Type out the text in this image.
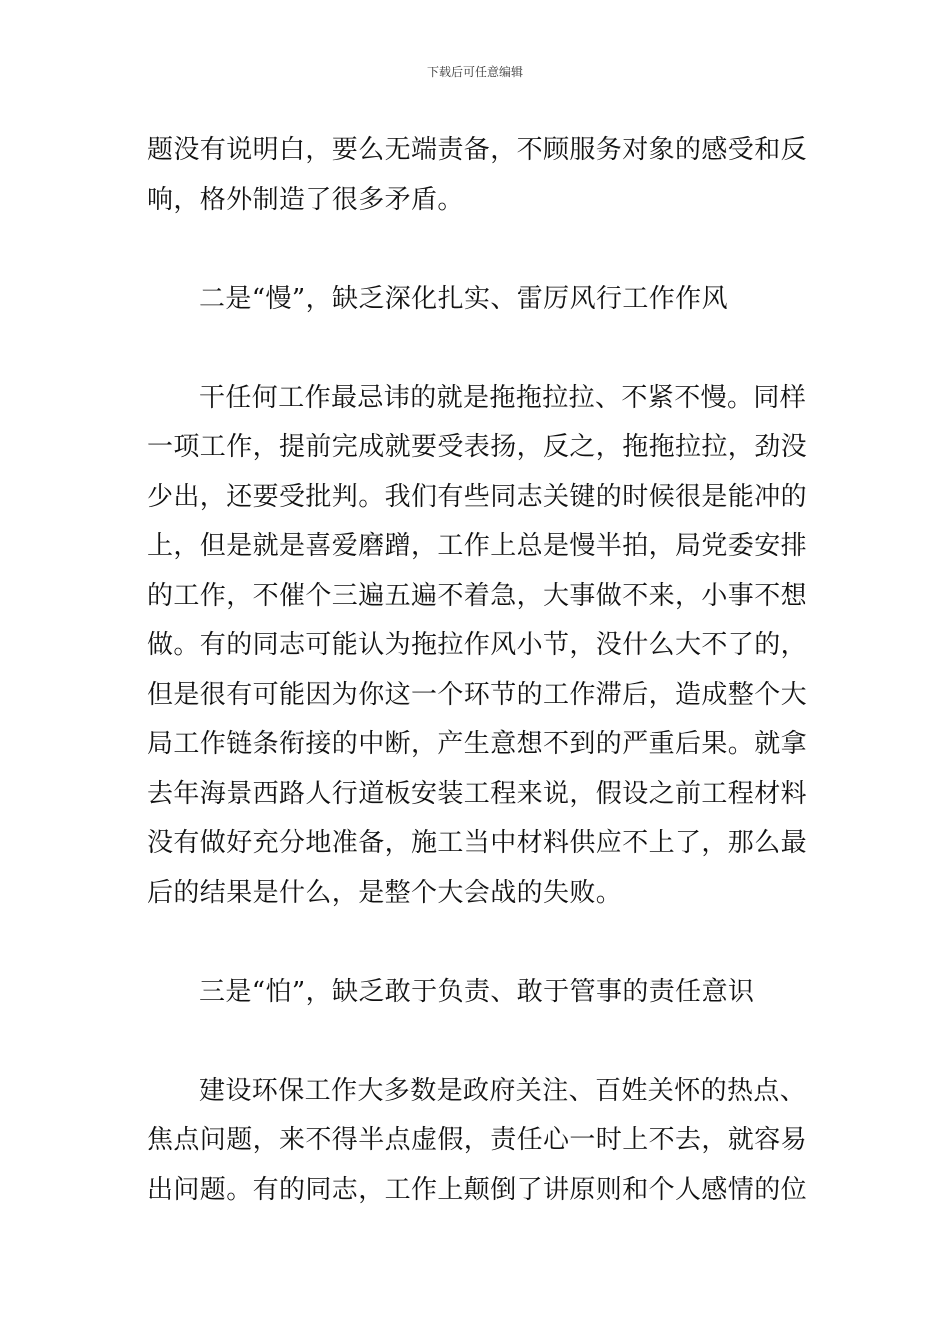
下载后可任意编辑
题没有说明白，要么无端责备，不顾服务对象的感受和反
响，格外制造了很多矛盾。
二是“慢”，缺乏深化扎实、雷厉风行工作作风
干任何工作最忌讳的就是拖拖拉拉、不紧不慢。同样
一项工作，提前完成就要受表扬，反之，拖拖拉拉，劲没
少出，还要受批判。我们有些同志关键的时候很是能冲的
上，但是就是喜爱磨蹭，工作上总是慢半拍，局党委安排
的工作，不催个三遍五遍不着急，大事做不来，小事不想
做。有的同志可能认为拖拉作风小节，没什么大不了的，
但是很有可能因为你这一个环节的工作滞后，造成整个大
局工作链条衔接的中断，产生意想不到的严重后果。就拿
去年海景西路人行道板安装工程来说，假设之前工程材料
没有做好充分地准备，施工当中材料供应不上了，那么最
后的结果是什么，是整个大会战的失败。
三是“怕”，缺乏敢于负责、敢于管事的责任意识
建设环保工作大多数是政府关注、百姓关怀的热点、
焦点问题，来不得半点虚假，责任心一时上不去，就容易
出问题。有的同志，工作上颠倒了讲原则和个人感情的位
